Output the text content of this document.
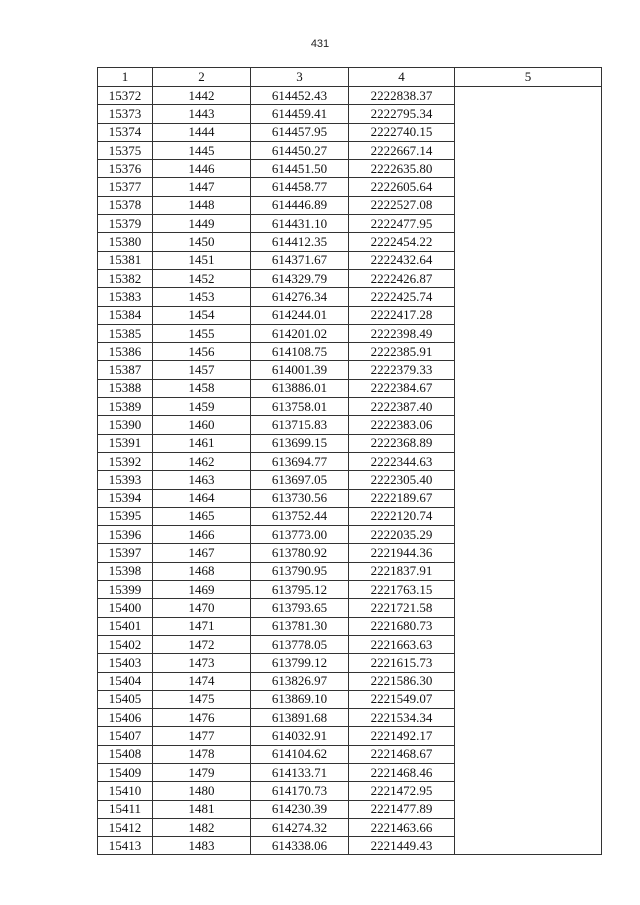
431
1	2	3	4	5
15372	1442	614452.43	2222838.37	
15373	1443	614459.41	2222795.34	
15374	1444	614457.95	2222740.15	
15375	1445	614450.27	2222667.14	
15376	1446	614451.50	2222635.80	
15377	1447	614458.77	2222605.64	
15378	1448	614446.89	2222527.08	
15379	1449	614431.10	2222477.95	
15380	1450	614412.35	2222454.22	
15381	1451	614371.67	2222432.64	
15382	1452	614329.79	2222426.87	
15383	1453	614276.34	2222425.74	
15384	1454	614244.01	2222417.28	
15385	1455	614201.02	2222398.49	
15386	1456	614108.75	2222385.91	
15387	1457	614001.39	2222379.33	
15388	1458	613886.01	2222384.67	
15389	1459	613758.01	2222387.40	
15390	1460	613715.83	2222383.06	
15391	1461	613699.15	2222368.89	
15392	1462	613694.77	2222344.63	
15393	1463	613697.05	2222305.40	
15394	1464	613730.56	2222189.67	
15395	1465	613752.44	2222120.74	
15396	1466	613773.00	2222035.29	
15397	1467	613780.92	2221944.36	
15398	1468	613790.95	2221837.91	
15399	1469	613795.12	2221763.15	
15400	1470	613793.65	2221721.58	
15401	1471	613781.30	2221680.73	
15402	1472	613778.05	2221663.63	
15403	1473	613799.12	2221615.73	
15404	1474	613826.97	2221586.30	
15405	1475	613869.10	2221549.07	
15406	1476	613891.68	2221534.34	
15407	1477	614032.91	2221492.17	
15408	1478	614104.62	2221468.67	
15409	1479	614133.71	2221468.46	
15410	1480	614170.73	2221472.95	
15411	1481	614230.39	2221477.89	
15412	1482	614274.32	2221463.66	
15413	1483	614338.06	2221449.43	
